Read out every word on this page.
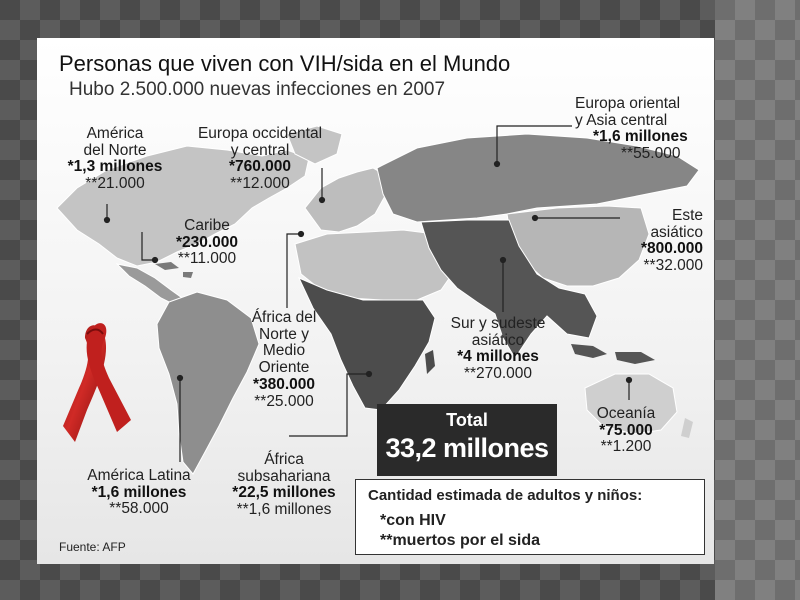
Personas que viven con VIH/sida en el Mundo
Hubo 2.500.000 nuevas infecciones en 2007
América
del Norte
*1,3 millones
**21.000
Europa occidental
y central
*760.000
**12.000
Europa oriental
y Asia central
*1,6 millones
**55.000
Caribe
*230.000
**11.000
Este
asiático
*800.000
**32.000
África del
Norte y
Medio
Oriente
*380.000
**25.000
Sur y sudeste
asiático
*4 millones
**270.000
América Latina
*1,6 millones
**58.000
África
subsahariana
*22,5 millones
**1,6 millones
Oceanía
*75.000
**1.200
Total
33,2 millones
Cantidad estimada de adultos y niños:
*con HIV
**muertos por el sida
Fuente: AFP
